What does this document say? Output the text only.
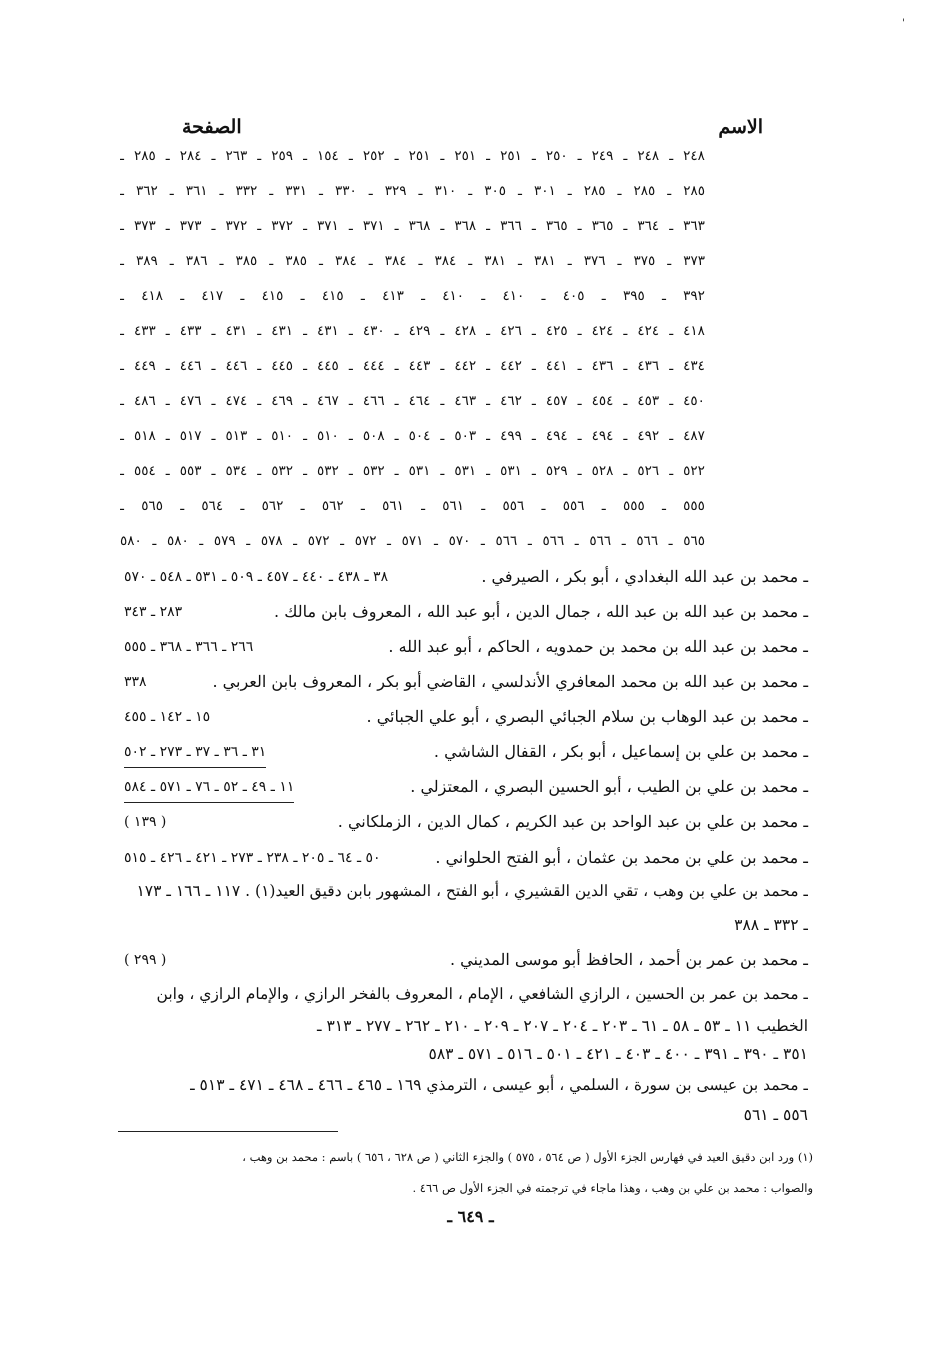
'
الاسم
الصفحة
٢٤٨ ـ ٢٤٨ ـ ٢٤٩ ـ ٢٥٠ ـ ٢٥١ ـ ٢٥١ ـ ٢٥١ ـ ٢٥٢ ـ ١٥٤ ـ ٢٥٩ ـ ٢٦٣ ـ ٢٨٤ ـ ٢٨٥ ـ
٢٨٥ ـ ٢٨٥ ـ ٢٨٥ ـ ٣٠١ ـ ٣٠٥ ـ ٣١٠ ـ ٣٢٩ ـ ٣٣٠ ـ ٣٣١ ـ ٣٣٢ ـ ٣٦١ ـ ٣٦٢ ـ
٣٦٣ ـ ٣٦٤ ـ ٣٦٥ ـ ٣٦٥ ـ ٣٦٦ ـ ٣٦٨ ـ ٣٦٨ ـ ٣٧١ ـ ٣٧١ ـ ٣٧٢ ـ ٣٧٢ ـ ٣٧٣ ـ ٣٧٣ ـ
٣٧٣ ـ ٣٧٥ ـ ٣٧٦ ـ ٣٨١ ـ ٣٨١ ـ ٣٨٤ ـ ٣٨٤ ـ ٣٨٤ ـ ٣٨٥ ـ ٣٨٥ ـ ٣٨٦ ـ ٣٨٩ ـ
٣٩٢ ـ ٣٩٥ ـ ٤٠٥ ـ ٤١٠ ـ ٤١٠ ـ ٤١٣ ـ ٤١٥ ـ ٤١٥ ـ ٤١٧ ـ ٤١٨ ـ
٤١٨ ـ ٤٢٤ ـ ٤٢٤ ـ ٤٢٥ ـ ٤٢٦ ـ ٤٢٨ ـ ٤٢٩ ـ ٤٣٠ ـ ٤٣١ ـ ٤٣١ ـ ٤٣١ ـ ٤٣٣ ـ ٤٣٣ ـ
٤٣٤ ـ ٤٣٦ ـ ٤٣٦ ـ ٤٤١ ـ ٤٤٢ ـ ٤٤٢ ـ ٤٤٣ ـ ٤٤٤ ـ ٤٤٥ ـ ٤٤٥ ـ ٤٤٦ ـ ٤٤٦ ـ ٤٤٩ ـ
٤٥٠ ـ ٤٥٣ ـ ٤٥٤ ـ ٤٥٧ ـ ٤٦٢ ـ ٤٦٣ ـ ٤٦٤ ـ ٤٦٦ ـ ٤٦٧ ـ ٤٦٩ ـ ٤٧٤ ـ ٤٧٦ ـ ٤٨٦ ـ
٤٨٧ ـ ٤٩٢ ـ ٤٩٤ ـ ٤٩٤ ـ ٤٩٩ ـ ٥٠٣ ـ ٥٠٤ ـ ٥٠٨ ـ ٥١٠ ـ ٥١٠ ـ ٥١٣ ـ ٥١٧ ـ ٥١٨ ـ
٥٢٢ ـ ٥٢٦ ـ ٥٢٨ ـ ٥٢٩ ـ ٥٣١ ـ ٥٣١ ـ ٥٣١ ـ ٥٣٢ ـ ٥٣٢ ـ ٥٣٢ ـ ٥٣٤ ـ ٥٥٣ ـ ٥٥٤ ـ
٥٥٥ ـ ٥٥٥ ـ ٥٥٦ ـ ٥٥٦ ـ ٥٦١ ـ ٥٦١ ـ ٥٦٢ ـ ٥٦٢ ـ ٥٦٤ ـ ٥٦٥ ـ
٥٦٥ ـ ٥٦٦ ـ ٥٦٦ ـ ٥٦٦ ـ ٥٦٦ ـ ٥٧٠ ـ ٥٧١ ـ ٥٧٢ ـ ٥٧٢ ـ ٥٧٨ ـ ٥٧٩ ـ ٥٨٠ ـ ٥٨٠
ـ محمد بن عبد الله البغدادي ، أبو بكر ، الصيرفي .
٣٨ ـ ٤٣٨ ـ ٤٤٠ ـ ٤٥٧ ـ ٥٠٩ ـ ٥٣١ ـ ٥٤٨ ـ ٥٧٠
ـ محمد بن عبد الله بن عبد الله ، جمال الدين ، أبو عبد الله ، المعروف بابن مالك .
٢٨٣ ـ ٣٤٣
ـ محمد بن عبد الله بن محمد بن حمدويه ، الحاكم ، أبو عبد الله .
٢٦٦ ـ ٣٦٦ ـ ٣٦٨ ـ ٥٥٥
ـ محمد بن عبد الله بن محمد المعافري الأندلسي ، القاضي أبو بكر ، المعروف بابن العربي .
٣٣٨
ـ محمد بن عبد الوهاب بن سلام الجبائي البصري ، أبو علي الجبائي .
١٥ ـ ١٤٢ ـ ٤٥٥
ـ محمد بن علي بن إسماعيل ، أبو بكر ، القفال الشاشي .
٣١ ـ ٣٦ ـ ٣٧ ـ ٢٧٣ ـ ٥٠٢
ـ محمد بن علي بن الطيب ، أبو الحسين البصري ، المعتزلي .
١١ ـ ٤٩ ـ ٥٢ ـ ٧٦ ـ ٥٧١ ـ ٥٨٤
ـ محمد بن علي بن عبد الواحد بن عبد الكريم ، كمال الدين ، الزملكاني .
( ١٣٩ )
ـ محمد بن علي بن محمد بن عثمان ، أبو الفتح الحلواني .
٥٠ ـ ٦٤ ـ ٢٠٥ ـ ٢٣٨ ـ ٢٧٣ ـ ٤٢١ ـ ٤٢٦ ـ ٥١٥
ـ محمد بن علي بن وهب ، تقي الدين القشيري ، أبو الفتح ، المشهور بابن دقيق العيد(١) . ١١٧ ـ ١٦٦ ـ ١٧٣
ـ ٣٣٢ ـ ٣٨٨
ـ محمد بن عمر بن أحمد ، الحافظ أبو موسى المديني .
( ٢٩٩ )
ـ محمد بن عمر بن الحسين ، الرازي الشافعي ، الإمام ، المعروف بالفخر الرازي ، والإمام الرازي ، وابن
الخطيب ١١ ـ ٥٣ ـ ٥٨ ـ ٦١ ـ ٢٠٣ ـ ٢٠٤ ـ ٢٠٧ ـ ٢٠٩ ـ ٢١٠ ـ ٢٦٢ ـ ٢٧٧ ـ ٣١٣ ـ
٣٥١ ـ ٣٩٠ ـ ٣٩١ ـ ٤٠٠ ـ ٤٠٣ ـ ٤٢١ ـ ٥٠١ ـ ٥١٦ ـ ٥٧١ ـ ٥٨٣
ـ محمد بن عيسى بن سورة ، السلمي ، أبو عيسى ، الترمذي ١٦٩ ـ ٤٦٥ ـ ٤٦٦ ـ ٤٦٨ ـ ٤٧١ ـ ٥١٣ ـ
٥٥٦ ـ ٥٦١
(١) ورد ابن دقيق العيد في فهارس الجزء الأول ( ص ٥٦٤ ، ٥٧٥ ) والجزء الثاني ( ص ٦٢٨ ، ٦٥٦ ) باسم : محمد بن وهب ،
والصواب : محمد بن علي بن وهب ، وهذا ماجاء في ترجمته في الجزء الأول ص ٤٦٦ .
ـ ٦٤٩ ـ
